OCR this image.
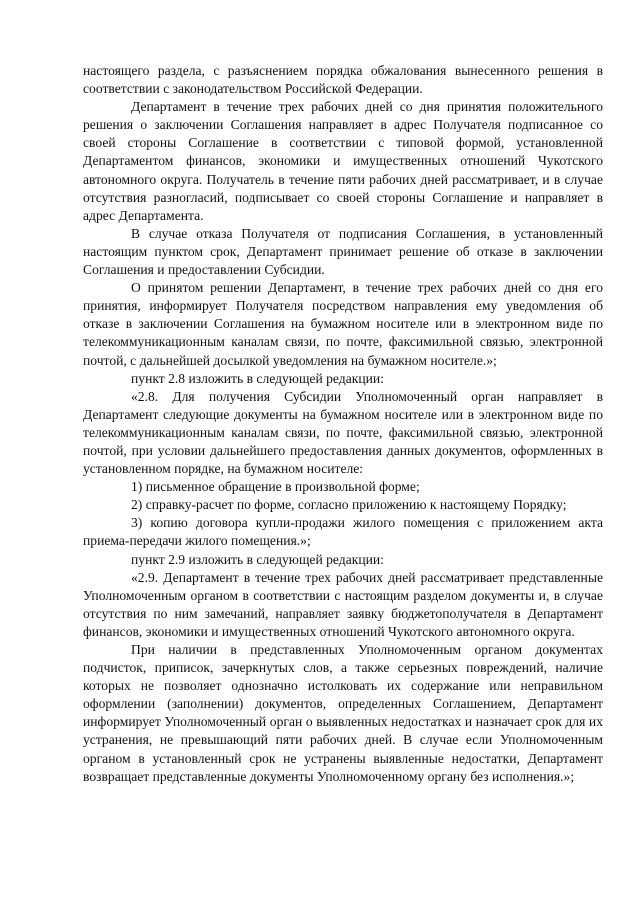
настоящего раздела, с разъяснением порядка обжалования вынесенного решения в соответствии с законодательством Российской Федерации.

Департамент в течение трех рабочих дней со дня принятия положительного решения о заключении Соглашения направляет в адрес Получателя подписанное со своей стороны Соглашение в соответствии с типовой формой, установленной Департаментом финансов, экономики и имущественных отношений Чукотского автономного округа. Получатель в течение пяти рабочих дней рассматривает, и в случае отсутствия разногласий, подписывает со своей стороны Соглашение и направляет в адрес Департамента.

В случае отказа Получателя от подписания Соглашения, в установленный настоящим пунктом срок, Департамент принимает решение об отказе в заключении Соглашения и предоставлении Субсидии.

О принятом решении Департамент, в течение трех рабочих дней со дня его принятия, информирует Получателя посредством направления ему уведомления об отказе в заключении Соглашения на бумажном носителе или в электронном виде по телекоммуникационным каналам связи, по почте, факсимильной связью, электронной почтой, с дальнейшей досылкой уведомления на бумажном носителе.»;

пункт 2.8 изложить в следующей редакции:

«2.8. Для получения Субсидии Уполномоченный орган направляет в Департамент следующие документы на бумажном носителе или в электронном виде по телекоммуникационным каналам связи, по почте, факсимильной связью, электронной почтой, при условии дальнейшего предоставления данных документов, оформленных в установленном порядке, на бумажном носителе:

1) письменное обращение в произвольной форме;

2) справку-расчет по форме, согласно приложению к настоящему Порядку;

3) копию договора купли-продажи жилого помещения с приложением акта приема-передачи жилого помещения.»;

пункт 2.9 изложить в следующей редакции:

«2.9. Департамент в течение трех рабочих дней рассматривает представленные Уполномоченным органом в соответствии с настоящим разделом документы и, в случае отсутствия по ним замечаний, направляет заявку бюджетополучателя в Департамент финансов, экономики и имущественных отношений Чукотского автономного округа.

При наличии в представленных Уполномоченным органом документах подчисток, приписок, зачеркнутых слов, а также серьезных повреждений, наличие которых не позволяет однозначно истолковать их содержание или неправильном оформлении (заполнении) документов, определенных Соглашением, Департамент информирует Уполномоченный орган о выявленных недостатках и назначает срок для их устранения, не превышающий пяти рабочих дней. В случае если Уполномоченным органом в установленный срок не устранены выявленные недостатки, Департамент возвращает представленные документы Уполномоченному органу без исполнения.»;
